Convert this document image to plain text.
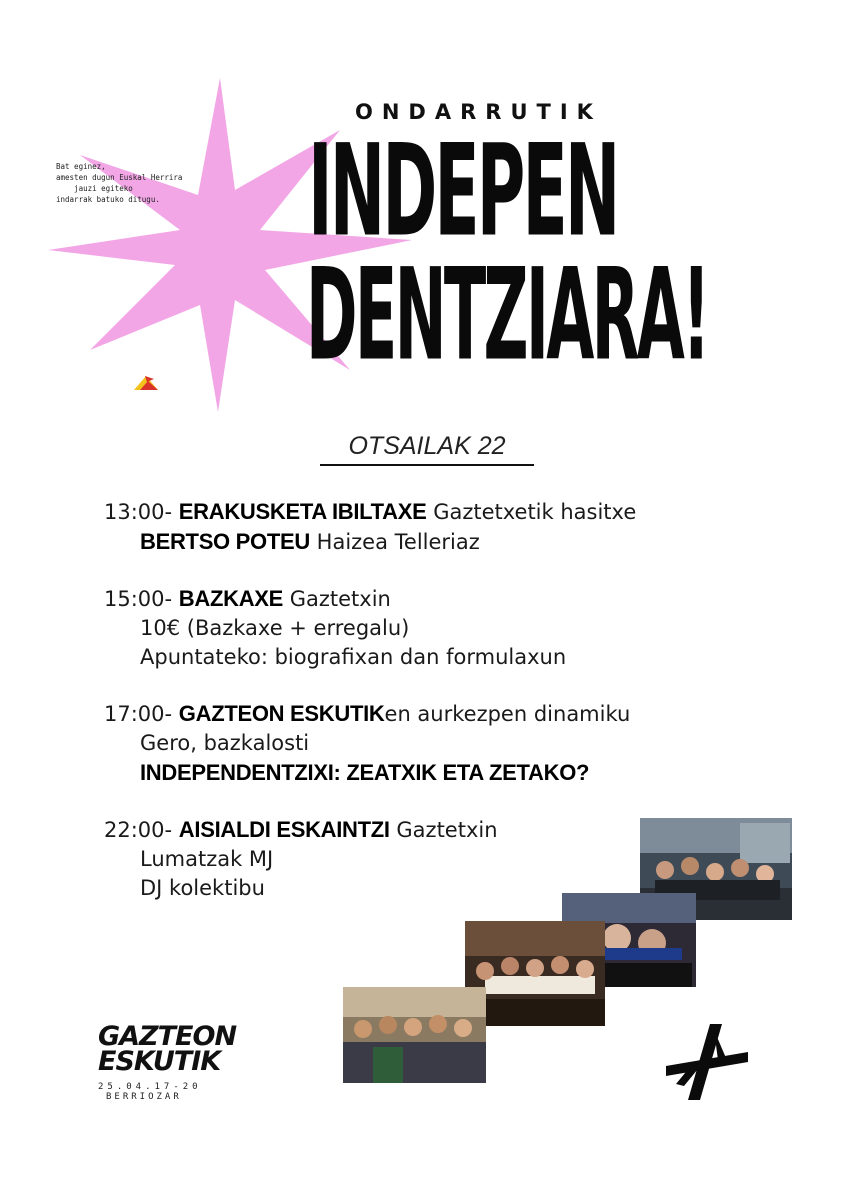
Bat eginez,
amesten dugun Euskal Herrira
jauzi egiteko
indarrak batuko ditugu.
ONDARRUTIK
INDEPEN
DENTZIARA!
OTSAILAK 22
13:00- ERAKUSKETA IBILTAXE Gaztetxetik hasitxe
BERTSO POTEU Haizea Telleriaz
15:00- BAZKAXE Gaztetxin
10€ (Bazkaxe + erregalu)
Apuntateko: biografixan dan formulaxun
17:00- GAZTEON ESKUTIKen aurkezpen dinamiku
Gero, bazkalosti
INDEPENDENTZIXI: ZEATXIK ETA ZETAKO?
22:00- AISIALDI ESKAINTZI Gaztetxin
Lumatzak MJ
DJ kolektibu
GAZTEON
ESKUTIK
25.04.17-20
BERRIOZAR
